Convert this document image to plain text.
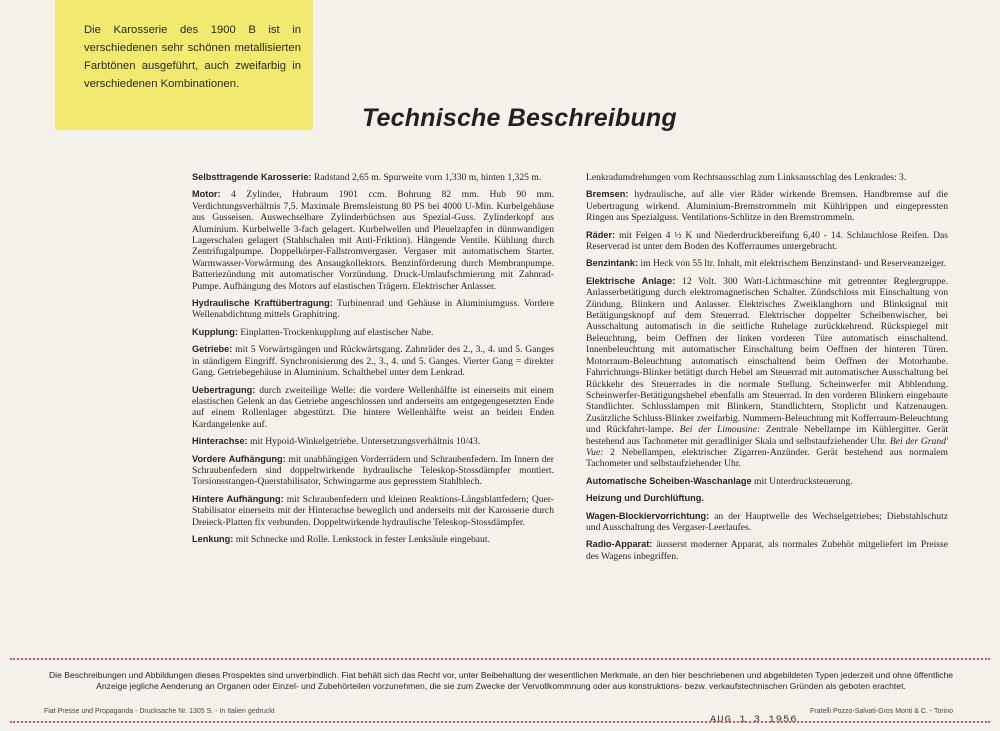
Die Karosserie des 1900 B ist in verschiedenen sehr schönen metallisierten Farbtönen ausgeführt, auch zweifarbig in verschiedenen Kombinationen.
Technische Beschreibung

Selbsttragende Karosserie: Radstand 2,65 m. Spurweite vorn 1,330 m, hinten 1,325 m.

Motor: 4 Zylinder, Hubraum 1901 ccm. Bohrung 82 mm. Hub 90 mm. Verdichtungsverhältnis 7,5. Maximale Bremsleistung 80 PS bei 4000 U-Min. Kurbelgehäuse aus Gusseisen. Auswechselbare Zylinderbüchsen aus Spezial-Guss. Zylinderkopf aus Aluminium. Kurbelwelle 3-fach gelagert. Kurbelwellen und Pleuelzapfen in dünnwandigen Lagerschalen gelagert (Stahlschalen mit Anti-Friktion). Hängende Ventile. Kühlung durch Zentrifugalpumpe. Doppelkörper-Fallstromvergaser. Vergaser mit automatischem Starter. Warmwasser-Vorwärmung des Ansaugkollektors. Benzinförderung durch Membranpumpe. Batteriezündung mit automatischer Vorzündung. Druck-Umlaufschmierung mit Zahnrad-Pumpe. Aufhängung des Motors auf elastischen Trägern. Elektrischer Anlasser.

Hydraulische Kraftübertragung: Turbinenrad und Gehäuse in Aluminiumguss. Vordere Wellenabdichtung mittels Graphitring.

Kupplung: Einplatten-Trockenkupplung auf elastischer Nabe.

Getriebe: mit 5 Vorwärtsgängen und Rückwärtsgang. Zahnräder des 2., 3., 4. und 5. Ganges in ständigem Eingriff. Synchronisierung des 2., 3., 4. und 5. Ganges. Vierter Gang = direkter Gang. Getriebegehäuse in Aluminium. Schalthebel unter dem Lenkrad.

Uebertragung: durch zweiteilige Welle: die vordere Wellenhälfte ist einerseits mit einem elastischen Gelenk an das Getriebe angeschlossen und anderseits am entgegengesetzten Ende auf einem Rollenlager abgestützt. Die hintere Wellenhälfte weist an beiden Enden Kardangelenke auf.

Hinterachse: mit Hypoid-Winkelgetriebe. Untersetzungsverhältnis 10/43.

Vordere Aufhängung: mit unabhängigen Vorderrädern und Schraubenfedern. Im Innern der Schraubenfedern sind doppeltwirkende hydraulische Teleskop-Stossdämpfer montiert. Torsionsstangen-Querstabilisator, Schwingarme aus gepresstem Stahlblech.

Hintere Aufhängung: mit Schraubenfedern und kleinen Reaktions-Längsblattfedern; Quer-Stabilisator einerseits mit der Hinterachse beweglich und anderseits mit der Karosserie durch Dreieck-Platten fix verbunden. Doppeltwirkende hydraulische Teleskop-Stossdämpfer.

Lenkung: mit Schnecke und Rolle. Lenkstock in fester Lenksäule eingebaut.

Lenkradumdrehungen vom Rechtsausschlag zum Linksausschlag des Lenkrades: 3.

Bremsen: hydraulische, auf alle vier Räder wirkende Bremsen. Handbremse auf die Uebertragung wirkend. Aluminium-Bremstrommeln mit Kühlrippen und eingepressten Ringen aus Spezialguss. Ventilations-Schlitze in den Bremstrommeln.

Räder: mit Felgen 4 ½ K und Niederdruckbereifung 6,40 - 14. Schlauchlose Reifen. Das Reserverad ist unter dem Boden des Kofferraumes untergebracht.

Benzintank: im Heck von 55 ltr. Inhalt, mit elektrischem Benzinstand- und Reserveanzeiger.

Elektrische Anlage: 12 Volt. 300 Watt-Lichtmaschine mit getrennter Reglergruppe. Anlasserbetätigung durch elektromagnetischen Schalter. Zündschloss mit Einschaltung von Zündung, Blinkern und Anlasser. Elektrisches Zweiklanghorn und Blinksignal mit Betätigungsknopf auf dem Steuerrad. Elektrischer doppelter Scheibenwischer, bei Ausschaltung automatisch in die seitliche Ruhelage zurückkehrend. Rückspiegel mit Beleuchtung, beim Oeffnen der linken vorderen Türe automatisch einschaltend. Innenbeleuchtung mit automatischer Einschaltung beim Oeffnen der hinteren Türen. Motorraum-Beleuchtung automatisch einschaltend beim Oeffnen der Motorhaube. Fahrrichtungs-Blinker betätigt durch Hebel am Steuerrad mit automatischer Ausschaltung bei Rückkehr des Steuerrades in die normale Stellung. Scheinwerfer mit Abblendung. Scheinwerfer-Betätigungshebel ebenfalls am Steuerrad. In den vorderen Blinkern eingebaute Standlichter. Schlusslampen mit Blinkern, Standlichtern, Stoplicht und Katzenaugen. Zusätzliche Schluss-Blinker zweifarbig. Nummern-Beleuchtung mit Kofferraum-Beleuchtung und Rückfahrt-lampe. Bei der Limousine: Zentrale Nebellampe im Kühlergitter. Gerät bestehend aus Tachometer mit geradliniger Skala und selbstaufziehender Uhr. Bei der Grand' Vue: 2 Nebellampen, elektrischer Zigarren-Anzünder. Gerät bestehend aus normalem Tachometer und selbstaufziehender Uhr.

Automatische Scheiben-Waschanlage mit Unterdrucksteuerung.

Heizung und Durchlüftung.

Wagen-Blockiervorrichtung: an der Hauptwelle des Wechselgetriebes; Diebstahlschutz und Ausschaltung des Vergaser-Leerlaufes.

Radio-Apparat: äusserst moderner Apparat, als normales Zubehör mitgeliefert im Preisse des Wagens inbegriffen.

Die Beschreibungen und Abbildungen dieses Prospektes sind unverbindlich. Fiat behält sich das Recht vor, unter Beibehaltung der wesentlichen Merkmale, an den hier beschriebenen und abgebildeten Typen jederzeit und ohne öffentliche Anzeige jegliche Aenderung an Organen oder Einzel- und Zubehörteilen vorzunehmen, die sie zum Zwecke der Vervollkommnung oder aus konstruktions- bezw. verkaufstechnischen Gründen als geboten erachtet.
Fiat Presse und Propaganda - Drucksache Nr. 1305 S. - In Italien gedruckt
AUG 1 3 1956
Fratelli Pozzo-Salvati-Gros Monti & C. - Torino
